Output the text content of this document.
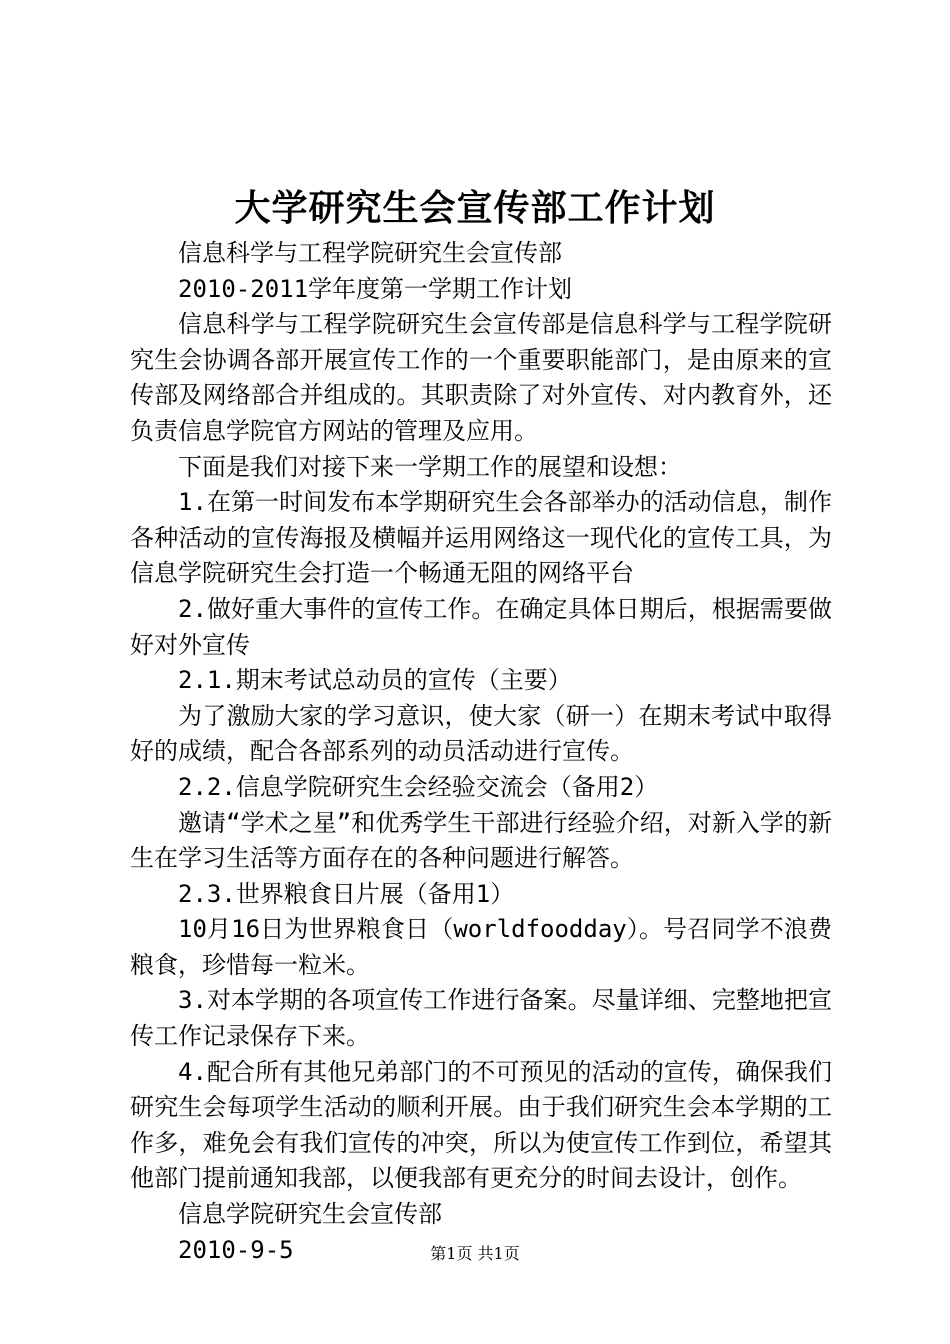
大学研究生会宣传部工作计划

信息科学与工程学院研究生会宣传部

2010-2011学年度第一学期工作计划

信息科学与工程学院研究生会宣传部是信息科学与工程学院研究生会协调各部开展宣传工作的一个重要职能部门，是由原来的宣传部及网络部合并组成的。其职责除了对外宣传、对内教育外，还负责信息学院官方网站的管理及应用。

下面是我们对接下来一学期工作的展望和设想：

1.在第一时间发布本学期研究生会各部举办的活动信息，制作各种活动的宣传海报及横幅并运用网络这一现代化的宣传工具，为信息学院研究生会打造一个畅通无阻的网络平台

2.做好重大事件的宣传工作。在确定具体日期后，根据需要做好对外宣传

2.1.期末考试总动员的宣传（主要）

为了激励大家的学习意识，使大家（研一）在期末考试中取得好的成绩，配合各部系列的动员活动进行宣传。

2.2.信息学院研究生会经验交流会（备用2）

邀请“学术之星”和优秀学生干部进行经验介绍，对新入学的新生在学习生活等方面存在的各种问题进行解答。

2.3.世界粮食日片展（备用1）

10月16日为世界粮食日（worldfoodday）。号召同学不浪费粮食，珍惜每一粒米。

3.对本学期的各项宣传工作进行备案。尽量详细、完整地把宣传工作记录保存下来。

4.配合所有其他兄弟部门的不可预见的活动的宣传，确保我们研究生会每项学生活动的顺利开展。由于我们研究生会本学期的工作多，难免会有我们宣传的冲突，所以为使宣传工作到位，希望其他部门提前通知我部，以便我部有更充分的时间去设计，创作。

信息学院研究生会宣传部

2010-9-5	第1页 共1页
